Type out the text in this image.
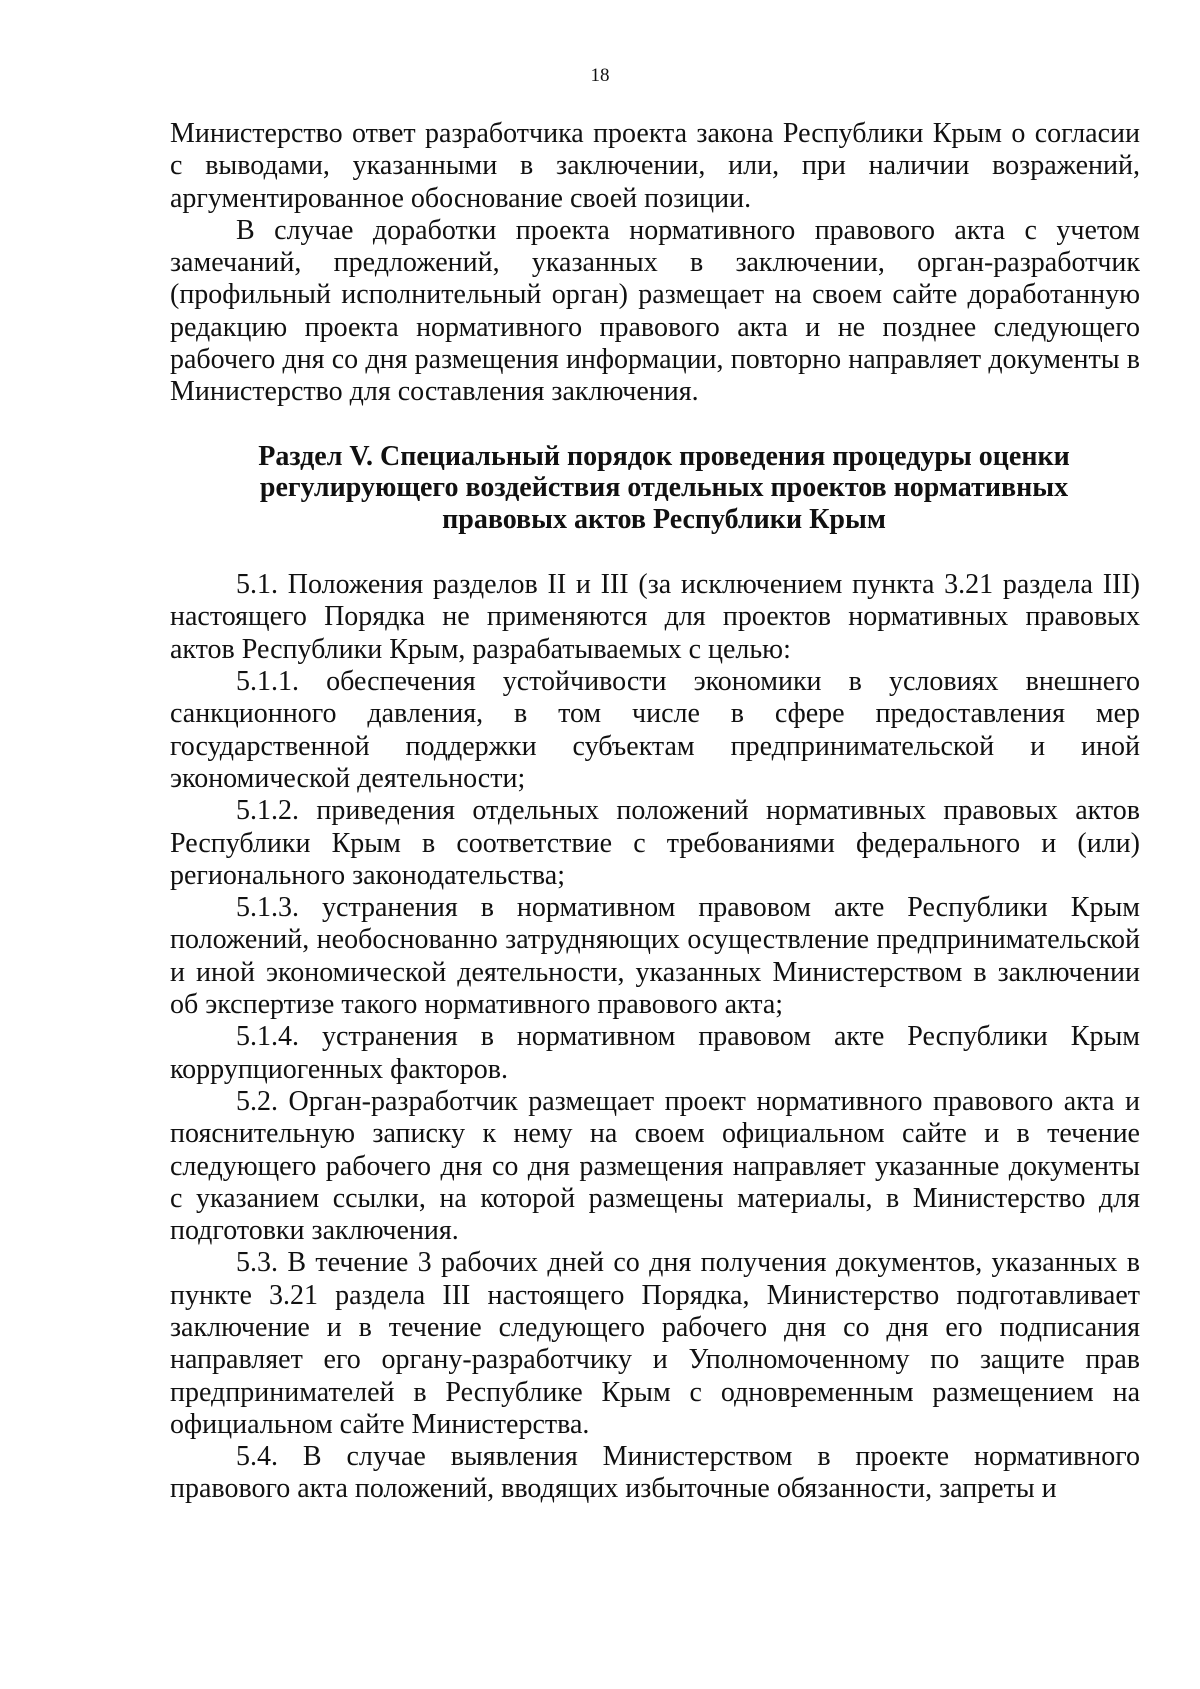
18

Министерство ответ разработчика проекта закона Республики Крым о согласии с выводами, указанными в заключении, или, при наличии возражений, аргументированное обоснование своей позиции.

В случае доработки проекта нормативного правового акта с учетом замечаний, предложений, указанных в заключении, орган-разработчик (профильный исполнительный орган) размещает на своем сайте доработанную редакцию проекта нормативного правового акта и не позднее следующего рабочего дня со дня размещения информации, повторно направляет документы в Министерство для составления заключения.

Раздел V. Специальный порядок проведения процедуры оценки регулирующего воздействия отдельных проектов нормативных правовых актов Республики Крым

5.1. Положения разделов II и III (за исключением пункта 3.21 раздела III) настоящего Порядка не применяются для проектов нормативных правовых актов Республики Крым, разрабатываемых с целью:

5.1.1. обеспечения устойчивости экономики в условиях внешнего санкционного давления, в том числе в сфере предоставления мер государственной поддержки субъектам предпринимательской и иной экономической деятельности;

5.1.2. приведения отдельных положений нормативных правовых актов Республики Крым в соответствие с требованиями федерального и (или) регионального законодательства;

5.1.3. устранения в нормативном правовом акте Республики Крым положений, необоснованно затрудняющих осуществление предпринимательской и иной экономической деятельности, указанных Министерством в заключении об экспертизе такого нормативного правового акта;

5.1.4. устранения в нормативном правовом акте Республики Крым коррупциогенных факторов.

5.2. Орган-разработчик размещает проект нормативного правового акта и пояснительную записку к нему на своем официальном сайте и в течение следующего рабочего дня со дня размещения направляет указанные документы с указанием ссылки, на которой размещены материалы, в Министерство для подготовки заключения.

5.3. В течение 3 рабочих дней со дня получения документов, указанных в пункте 3.21 раздела III настоящего Порядка, Министерство подготавливает заключение и в течение следующего рабочего дня со дня его подписания направляет его органу-разработчику и Уполномоченному по защите прав предпринимателей в Республике Крым с одновременным размещением на официальном сайте Министерства.

5.4. В случае выявления Министерством в проекте нормативного правового акта положений, вводящих избыточные обязанности, запреты и
